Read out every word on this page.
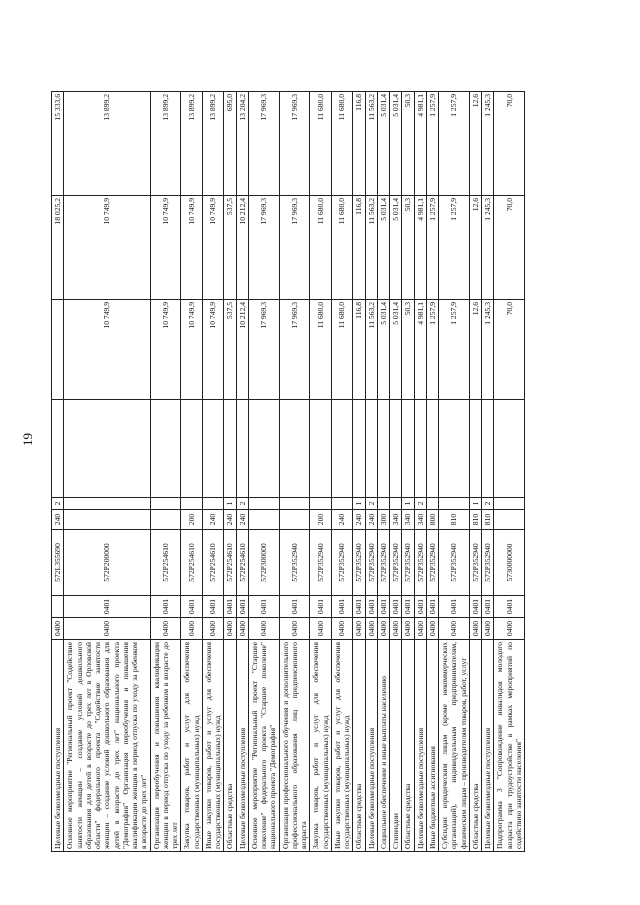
19
Целевые безвозмездные поступления	0400		572L355690	240	2			18 025,2	15 333,6
Основное мероприятие "Региональный проект "Содействие занятости женщин – создание условий дошкольного образования для детей в возрасте до трех лет в Орловской области" федерального проекта "Содействие занятости женщин – создание условий дошкольного образования для детей в возрасте до трех лет" национального проекта "Демография" Организация переобучения и повышения квалификации женщин в период отпуска по уходу за ребенком в возрасте до трех лет"	0400	0401	572P200000				10 749,9	10 749,9	13 899,2
Организация переобучения и повышения квалификации женщин в период отпуска по уходу за ребенком в возрасте до трех лет	0400	0401	572P254610				10 749,9	10 749,9	13 899,2
Закупка товаров, работ и услуг для обеспечения государственных (муниципальных) нужд	0400	0401	572P254610	200			10 749,9	10 749,9	13 899,2
Иные закупки товаров, работ и услуг для обеспечения государственных (муниципальных) нужд	0400	0401	572P254610	240			10 749,9	10 749,9	13 899,2
Областные средства	0400	0401	572P254610	240	1		537,5	537,5	695,0
Целевые безвозмездные поступления	0400	0401	572P254610	240	2		10 212,4	10 212,4	13 204,2
Основное мероприятие "Региональный проект "Старшее поколение" федерального проекта "Старшее поколение" национального проекта "Демография"	0400	0401	572P300000				17 969,3	17 969,3	17 969,3
Организация профессионального обучения и дополнительного профессионального образования лиц предпенсионного возраста	0400	0401	572P352940				17 969,3	17 969,3	17 969,3
Закупка товаров, работ и услуг для обеспечения государственных (муниципальных) нужд	0400	0401	572P352940	200			11 680,0	11 680,0	11 680,0
Иные закупки товаров, работ и услуг для обеспечения государственных (муниципальных) нужд	0400	0401	572P352940	240			11 680,0	11 680,0	11 680,0
Областные средства	0400	0401	572P352940	240	1		116,8	116,8	116,8
Целевые безвозмездные поступления	0400	0401	572P352940	240	2		11 563,2	11 563,2	11 563,2
Социальное обеспечение и иные выплаты населению	0400	0401	572P352940	300			5 031,4	5 031,4	5 031,4
Стипендии	0400	0401	572P352940	340			5 031,4	5 031,4	5 031,4
Областные средства	0400	0401	572P352940	340	1		50,3	50,3	50,3
Целевые безвозмездные поступления	0400	0401	572P352940	340	2		4 981,1	4 981,1	4 981,1
Иные бюджетные ассигнования	0400	0401	572P352940	800			1 257,9	1 257,9	1 257,9
Субсидии юридическим лицам (кроме некоммерческих организаций), индивидуальным предпринимателям, физическим лицам – производителям товаров, работ, услуг	0400	0401	572P352940	810			1 257,9	1 257,9	1 257,9
Областные средства	0400	0401	572P352940	810	1		12,6	12,6	12,6
Целевые безвозмездные поступления	0400	0401	572P352940	810	2		1 245,3	1 245,3	1 245,3
Подпрограмма 3 "Сопровождение инвалидов молодого возраста при трудоустройстве в рамках мероприятий по содействию занятости населения"	0400	0401	5730000000				70,0	70,0	70,0
